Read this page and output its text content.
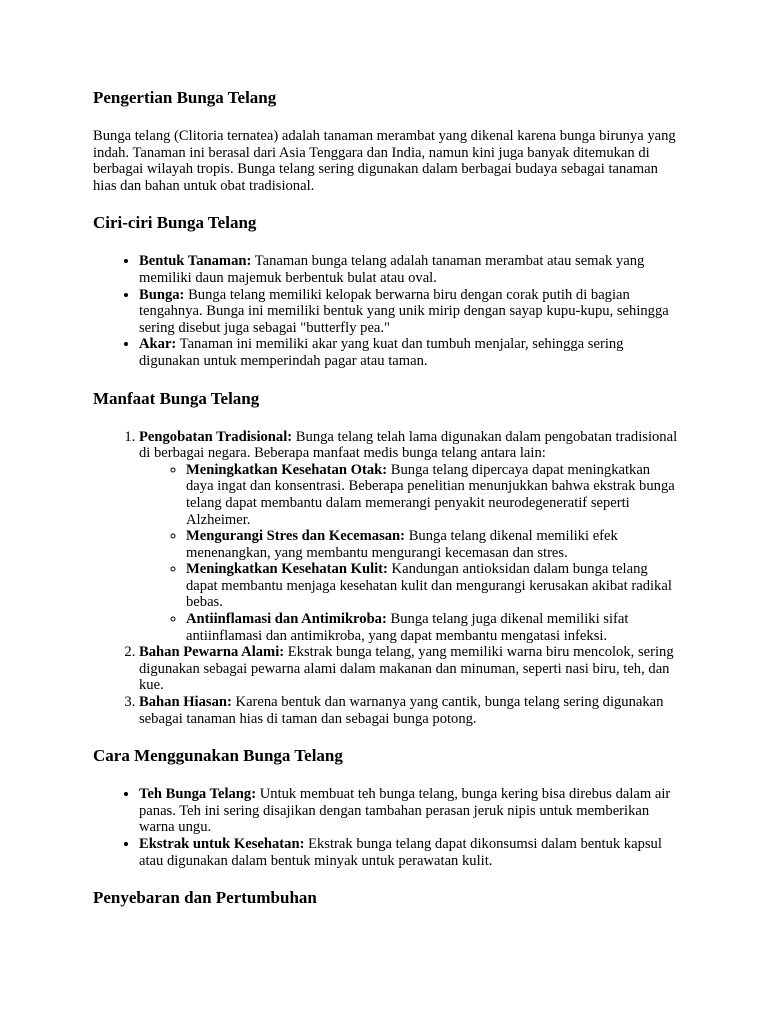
Pengertian Bunga Telang

Bunga telang (Clitoria ternatea) adalah tanaman merambat yang dikenal karena bunga birunya yang indah. Tanaman ini berasal dari Asia Tenggara dan India, namun kini juga banyak ditemukan di berbagai wilayah tropis. Bunga telang sering digunakan dalam berbagai budaya sebagai tanaman hias dan bahan untuk obat tradisional.

Ciri-ciri Bunga Telang
• Bentuk Tanaman: Tanaman bunga telang adalah tanaman merambat atau semak yang memiliki daun majemuk berbentuk bulat atau oval.
• Bunga: Bunga telang memiliki kelopak berwarna biru dengan corak putih di bagian tengahnya. Bunga ini memiliki bentuk yang unik mirip dengan sayap kupu-kupu, sehingga sering disebut juga sebagai "butterfly pea."
• Akar: Tanaman ini memiliki akar yang kuat dan tumbuh menjalar, sehingga sering digunakan untuk memperindah pagar atau taman.
Manfaat Bunga Telang
1. Pengobatan Tradisional: Bunga telang telah lama digunakan dalam pengobatan tradisional di berbagai negara. Beberapa manfaat medis bunga telang antara lain:
◦ Meningkatkan Kesehatan Otak: Bunga telang dipercaya dapat meningkatkan daya ingat dan konsentrasi. Beberapa penelitian menunjukkan bahwa ekstrak bunga telang dapat membantu dalam memerangi penyakit neurodegeneratif seperti Alzheimer.
◦ Mengurangi Stres dan Kecemasan: Bunga telang dikenal memiliki efek menenangkan, yang membantu mengurangi kecemasan dan stres.
◦ Meningkatkan Kesehatan Kulit: Kandungan antioksidan dalam bunga telang dapat membantu menjaga kesehatan kulit dan mengurangi kerusakan akibat radikal bebas.
◦ Antiinflamasi dan Antimikroba: Bunga telang juga dikenal memiliki sifat antiinflamasi dan antimikroba, yang dapat membantu mengatasi infeksi.
2. Bahan Pewarna Alami: Ekstrak bunga telang, yang memiliki warna biru mencolok, sering digunakan sebagai pewarna alami dalam makanan dan minuman, seperti nasi biru, teh, dan kue.
3. Bahan Hiasan: Karena bentuk dan warnanya yang cantik, bunga telang sering digunakan sebagai tanaman hias di taman dan sebagai bunga potong.
Cara Menggunakan Bunga Telang
• Teh Bunga Telang: Untuk membuat teh bunga telang, bunga kering bisa direbus dalam air panas. Teh ini sering disajikan dengan tambahan perasan jeruk nipis untuk memberikan warna ungu.
• Ekstrak untuk Kesehatan: Ekstrak bunga telang dapat dikonsumsi dalam bentuk kapsul atau digunakan dalam bentuk minyak untuk perawatan kulit.
Penyebaran dan Pertumbuhan
